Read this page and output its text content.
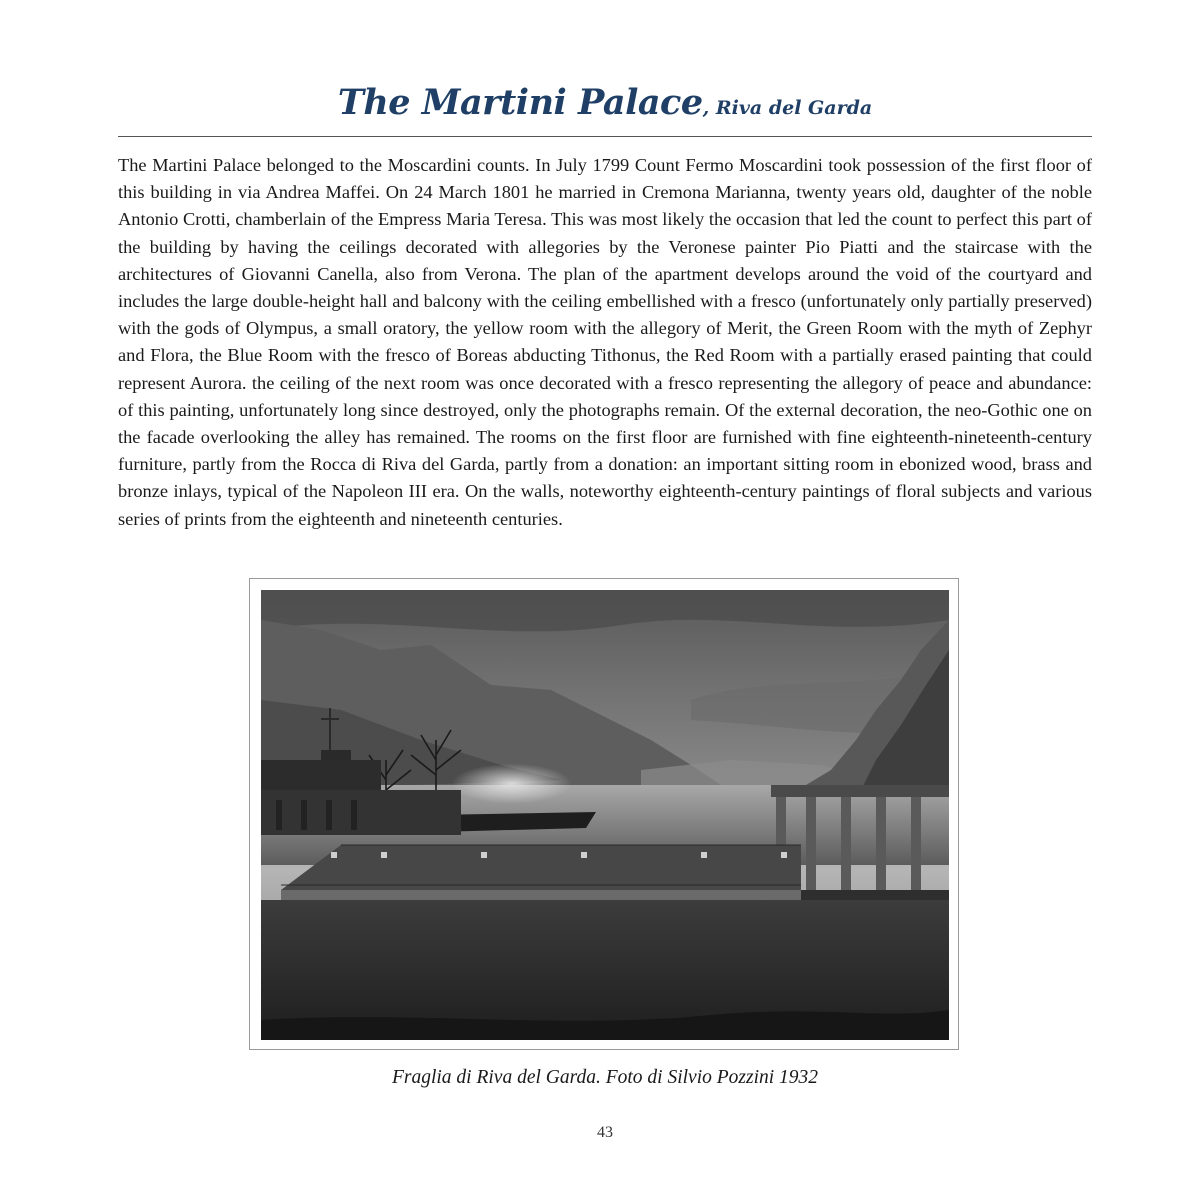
The Martini Palace, Riva del Garda

The Martini Palace belonged to the Moscardini counts. In July 1799 Count Fermo Moscardini took possession of the first floor of this building in via Andrea Maffei. On 24 March 1801 he married in Cremona Marianna, twenty years old, daughter of the noble Antonio Crotti, chamberlain of the Empress Maria Teresa. This was most likely the occasion that led the count to perfect this part of the building by having the ceilings decorated with allegories by the Veronese painter Pio Piatti and the staircase with the architectures of Giovanni Canella, also from Verona. The plan of the apartment develops around the void of the courtyard and includes the large double-height hall and balcony with the ceiling embellished with a fresco (unfortunately only partially preserved) with the gods of Olympus, a small oratory, the yellow room with the allegory of Merit, the Green Room with the myth of Zephyr and Flora, the Blue Room with the fresco of Boreas abducting Tithonus, the Red Room with a partially erased painting that could represent Aurora. the ceiling of the next room was once decorated with a fresco representing the allegory of peace and abundance: of this painting, unfortunately long since destroyed, only the photographs remain. Of the external decoration, the neo-Gothic one on the facade overlooking the alley has remained. The rooms on the first floor are furnished with fine eighteenth-nineteenth-century furniture, partly from the Rocca di Riva del Garda, partly from a donation: an important sitting room in ebonized wood, brass and bronze inlays, typical of the Napoleon III era. On the walls, noteworthy eighteenth-century paintings of floral subjects and various series of prints from the eighteenth and nineteenth centuries.

Fraglia di Riva del Garda. Foto di Silvio Pozzini 1932
43
